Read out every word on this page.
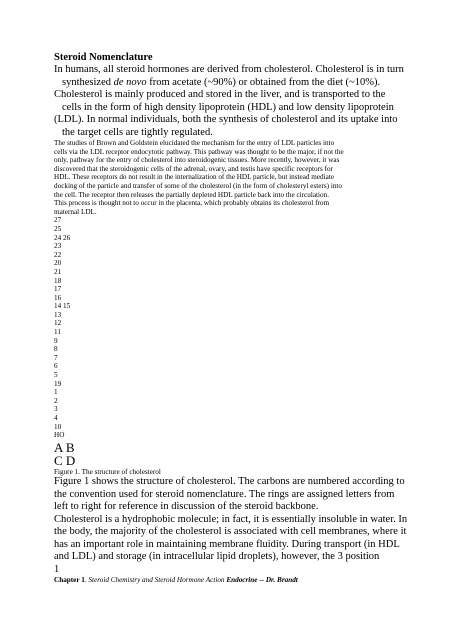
Steroid Nomenclature

In humans, all steroid hormones are derived from cholesterol. Cholesterol is in turn
synthesized de novo from acetate (~90%) or obtained from the diet (~10%).
Cholesterol is mainly produced and stored in the liver, and is transported to the
cells in the form of high density lipoprotein (HDL) and low density lipoprotein
(LDL). In normal individuals, both the synthesis of cholesterol and its uptake into
the target cells are tightly regulated.
The studies of Brown and Goldstein elucidated the mechanism for the entry of LDL particles into
cells via the LDL receptor endocytotic pathway. This pathway was thought to be the major, if not the
only, pathway for the entry of cholesterol into steroidogenic tissues. More recently, however, it was
discovered that the steroidogenic cells of the adrenal, ovary, and testis have specific receptors for
HDL. These receptors do not result in the internalization of the HDL particle, but instead mediate
docking of the particle and transfer of some of the cholesterol (in the form of cholesteryl esters) into
the cell. The receptor then releases the partially depleted HDL particle back into the circulation.
This process is thought not to occur in the placenta, which probably obtains its cholesterol from
maternal LDL.
27
25
24 26
23
22
20
21
18
17
16
14 15
13
12
11
9
8
7
6
5
19
1
2
3
4
10
HO
A B
C D

Figure 1. The structure of cholesterol

Figure 1 shows the structure of cholesterol. The carbons are numbered according to
the convention used for steroid nomenclature. The rings are assigned letters from
left to right for reference in discussion of the steroid backbone.
Cholesterol is a hydrophobic molecule; in fact, it is essentially insoluble in water. In
the body, the majority of the cholesterol is associated with cell membranes, where it
has an important role in maintaining membrane fluidity. During transport (in HDL
and LDL) and storage (in intracellular lipid droplets), however, the 3 position

1

Chapter 1. Steroid Chemistry and Steroid Hormone Action Endocrine -- Dr. Brandt
